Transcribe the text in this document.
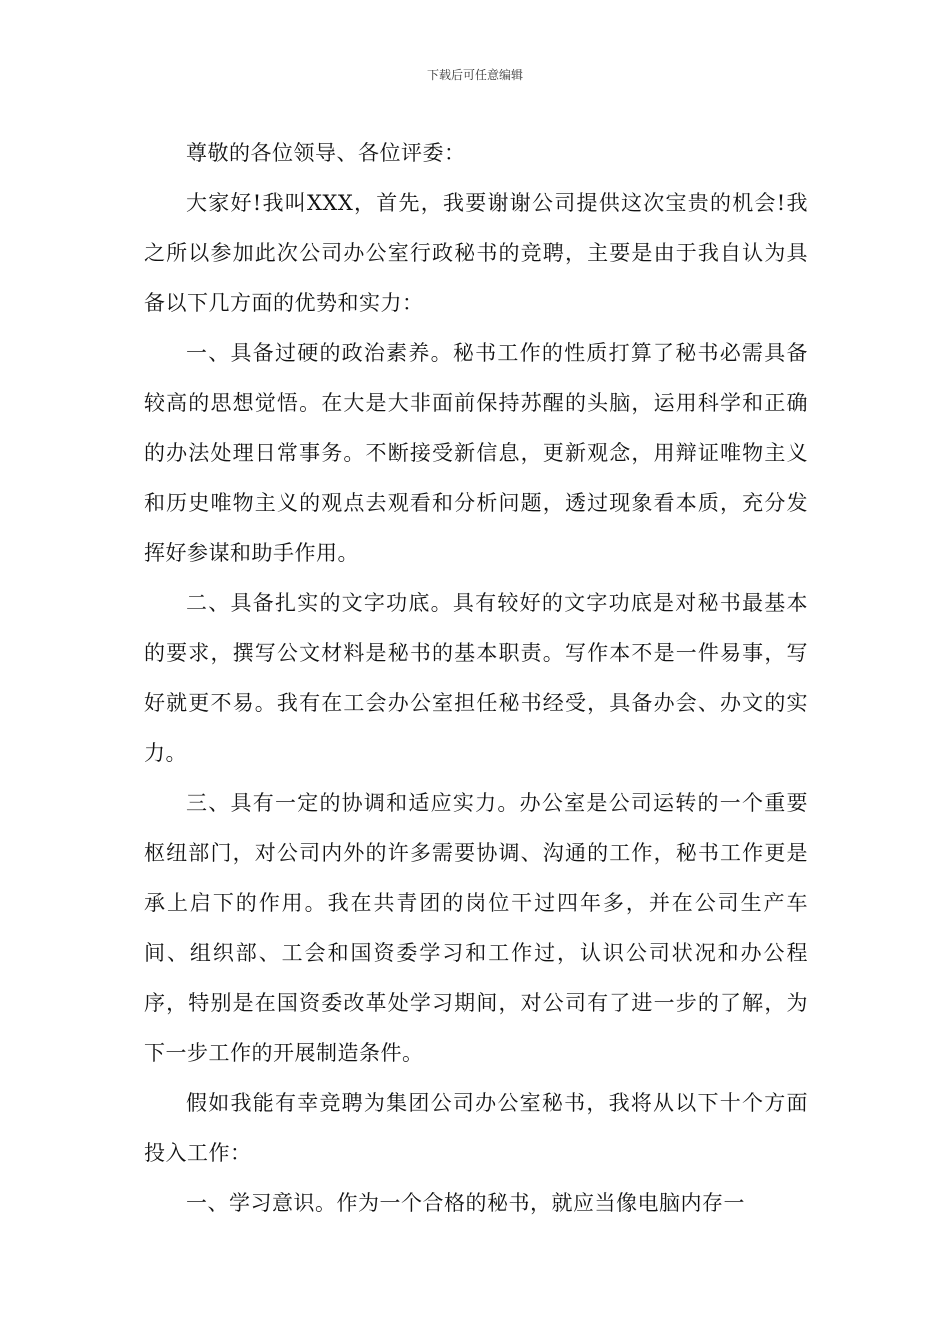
下载后可任意编辑

尊敬的各位领导、各位评委：

大家好!我叫XXX，首先，我要谢谢公司提供这次宝贵的机会!我之所以参加此次公司办公室行政秘书的竞聘，主要是由于我自认为具备以下几方面的优势和实力：

一、具备过硬的政治素养。秘书工作的性质打算了秘书必需具备较高的思想觉悟。在大是大非面前保持苏醒的头脑，运用科学和正确的办法处理日常事务。不断接受新信息，更新观念，用辩证唯物主义和历史唯物主义的观点去观看和分析问题，透过现象看本质，充分发挥好参谋和助手作用。

二、具备扎实的文字功底。具有较好的文字功底是对秘书最基本的要求，撰写公文材料是秘书的基本职责。写作本不是一件易事，写好就更不易。我有在工会办公室担任秘书经受，具备办会、办文的实力。

三、具有一定的协调和适应实力。办公室是公司运转的一个重要枢纽部门，对公司内外的许多需要协调、沟通的工作，秘书工作更是承上启下的作用。我在共青团的岗位干过四年多，并在公司生产车间、组织部、工会和国资委学习和工作过，认识公司状况和办公程序，特别是在国资委改革处学习期间，对公司有了进一步的了解，为下一步工作的开展制造条件。

假如我能有幸竞聘为集团公司办公室秘书，我将从以下十个方面投入工作：

一、学习意识。作为一个合格的秘书，就应当像电脑内存一
